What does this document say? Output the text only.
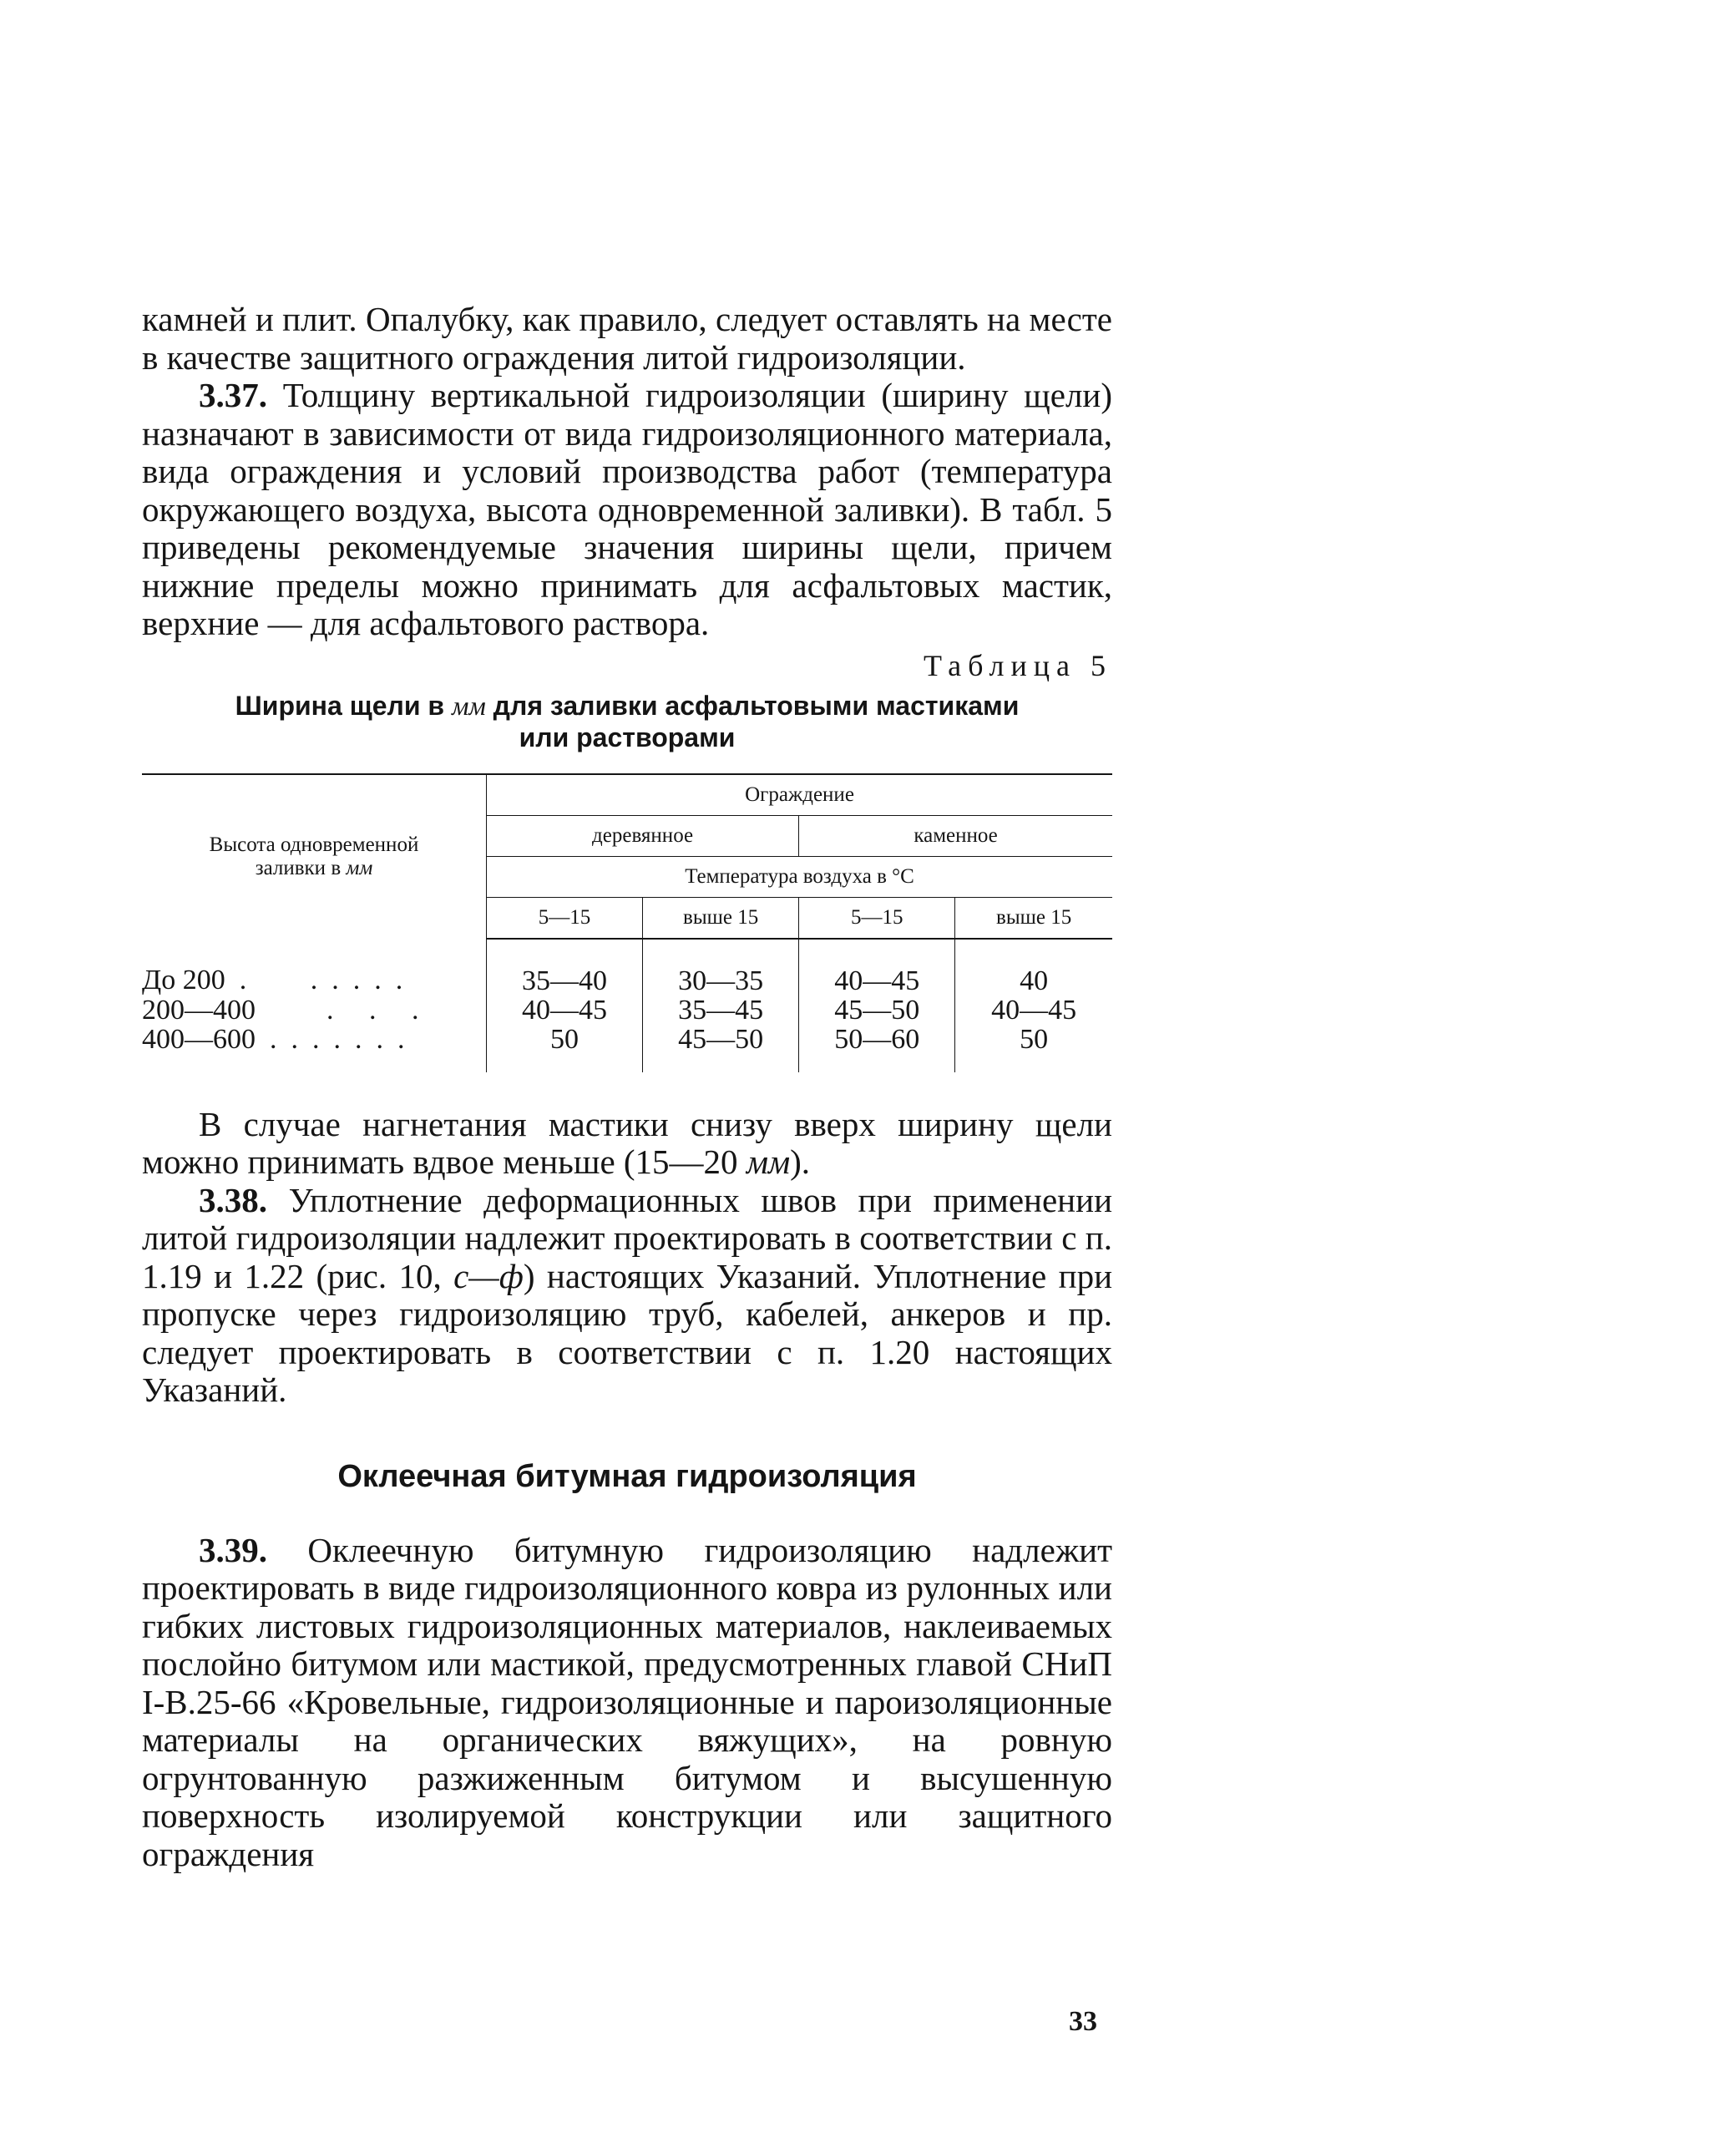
камней и плит. Опалубку, как правило, следует оставлять на месте в качестве защитного ограждения литой гидроизоляции.

3.37. Толщину вертикальной гидроизоляции (ширину щели) назначают в зависимости от вида гидроизоляционного материала, вида ограждения и условий производства работ (температура окружающего воздуха, высота одновременной заливки). В табл. 5 приведены рекомендуемые значения ширины щели, причем нижние пределы можно принимать для асфальтовых мастик, верхние — для асфальтового раствора.

Таблица 5
Ширина щели в мм для заливки асфальтовыми мастиками
или растворами
Высота одновременной
заливки в мм	Ограждение			
	деревянное		каменное	
	Температура воздуха в °С			
	5—15	выше 15	5—15	выше 15
До 200  .         .  .  .  .  .	35—40	30—35	40—45	40
200—400          .     .     .	40—45	35—45	45—50	40—45
400—600  .  .  .  .  .  .  .	50	45—50	50—60	50

В случае нагнетания мастики снизу вверх ширину щели можно принимать вдвое меньше (15—20 мм).

3.38. Уплотнение деформационных швов при применении литой гидроизоляции надлежит проектировать в соответствии с п. 1.19 и 1.22 (рис. 10, с—ф) настоящих Указаний. Уплотнение при пропуске через гидроизоляцию труб, кабелей, анкеров и пр. следует проектировать в соответствии с п. 1.20 настоящих Указаний.

Оклеечная битумная гидроизоляция

3.39. Оклеечную битумную гидроизоляцию надлежит проектировать в виде гидроизоляционного ковра из рулонных или гибких листовых гидроизоляционных материалов, наклеиваемых послойно битумом или мастикой, предусмотренных главой СНиП I-В.25-66 «Кровельные, гидроизоляционные и пароизоляционные материалы на органических вяжущих», на ровную огрунтованную разжиженным битумом и высушенную поверхность изолируемой конструкции или защитного ограждения

33
